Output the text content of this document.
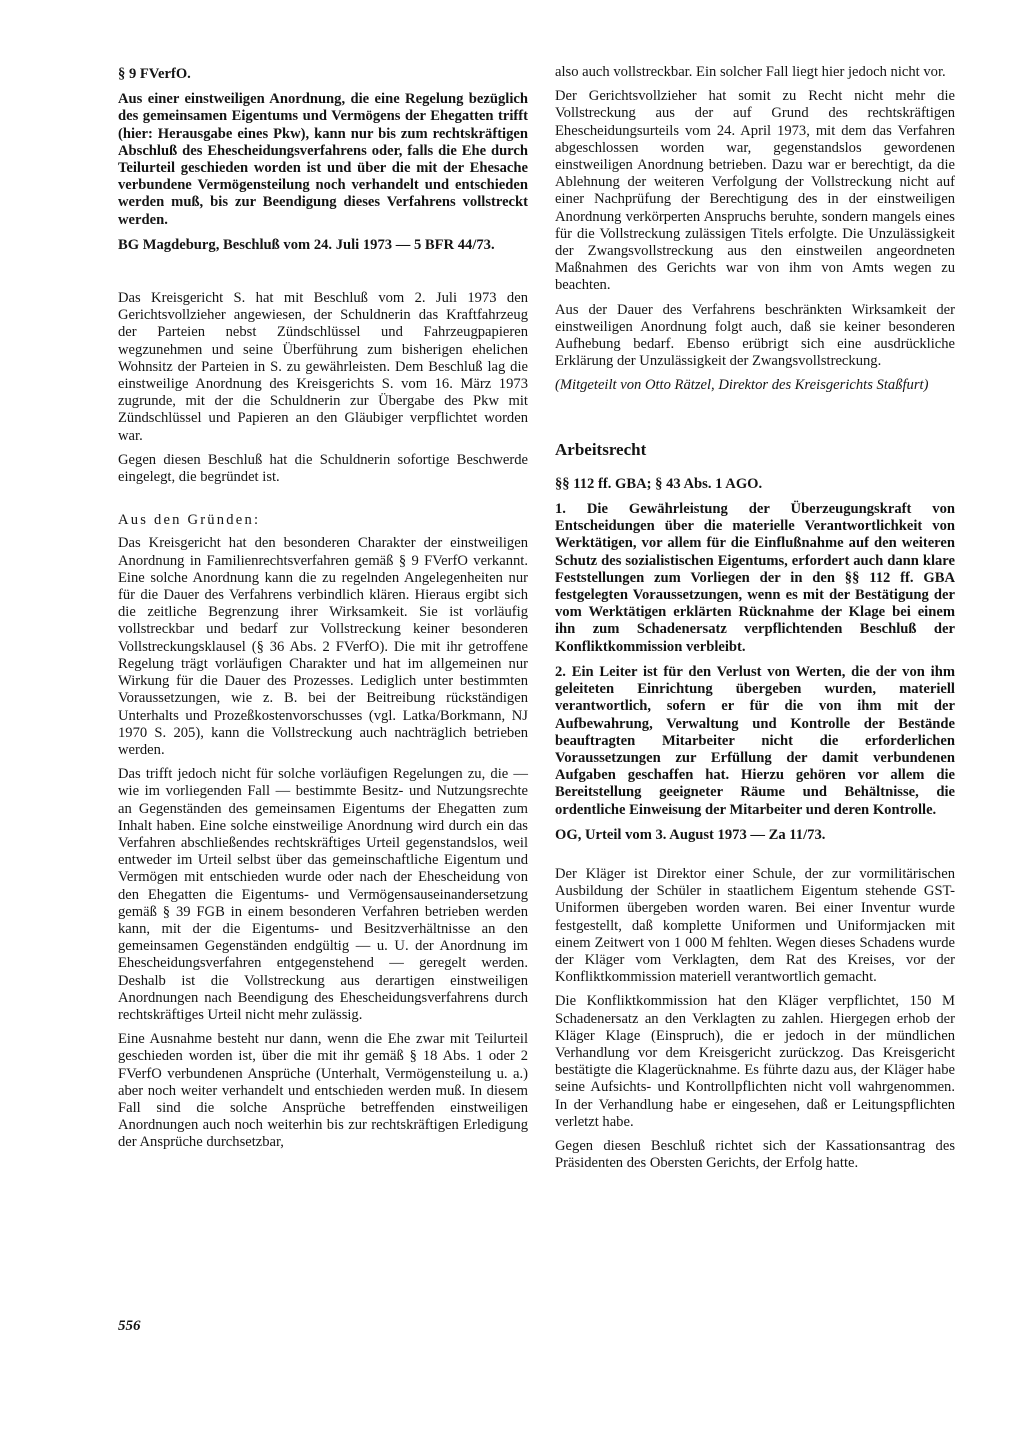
§ 9 FVerfO.

Aus einer einstweiligen Anordnung, die eine Regelung bezüglich des gemeinsamen Eigentums und Vermögens der Ehegatten trifft (hier: Herausgabe eines Pkw), kann nur bis zum rechtskräftigen Abschluß des Ehescheidungsverfahrens oder, falls die Ehe durch Teilurteil geschieden worden ist und über die mit der Ehesache verbundene Vermögensteilung noch verhandelt und entschieden werden muß, bis zur Beendigung dieses Verfahrens vollstreckt werden.

BG Magdeburg, Beschluß vom 24. Juli 1973 — 5 BFR 44/73.

Das Kreisgericht S. hat mit Beschluß vom 2. Juli 1973 den Gerichtsvollzieher angewiesen, der Schuldnerin das Kraftfahrzeug der Parteien nebst Zündschlüssel und Fahrzeugpapieren wegzunehmen und seine Überführung zum bisherigen ehelichen Wohnsitz der Parteien in S. zu gewährleisten. Dem Beschluß lag die einstweilige Anordnung des Kreisgerichts S. vom 16. März 1973 zugrunde, mit der die Schuldnerin zur Übergabe des Pkw mit Zündschlüssel und Papieren an den Gläubiger verpflichtet worden war.

Gegen diesen Beschluß hat die Schuldnerin sofortige Beschwerde eingelegt, die begründet ist.

Aus den Gründen:

Das Kreisgericht hat den besonderen Charakter der einstweiligen Anordnung in Familienrechtsverfahren gemäß § 9 FVerfO verkannt. Eine solche Anordnung kann die zu regelnden Angelegenheiten nur für die Dauer des Verfahrens verbindlich klären. Hieraus ergibt sich die zeitliche Begrenzung ihrer Wirksamkeit. Sie ist vorläufig vollstreckbar und bedarf zur Vollstreckung keiner besonderen Vollstreckungsklausel (§ 36 Abs. 2 FVerfO). Die mit ihr getroffene Regelung trägt vorläufigen Charakter und hat im allgemeinen nur Wirkung für die Dauer des Prozesses. Lediglich unter bestimmten Voraussetzungen, wie z. B. bei der Beitreibung rückständigen Unterhalts und Prozeßkostenvorschusses (vgl. Latka/Borkmann, NJ 1970 S. 205), kann die Vollstreckung auch nachträglich betrieben werden.

Das trifft jedoch nicht für solche vorläufigen Regelungen zu, die — wie im vorliegenden Fall — bestimmte Besitz- und Nutzungsrechte an Gegenständen des gemeinsamen Eigentums der Ehegatten zum Inhalt haben. Eine solche einstweilige Anordnung wird durch ein das Verfahren abschließendes rechtskräftiges Urteil gegenstandslos, weil entweder im Urteil selbst über das gemeinschaftliche Eigentum und Vermögen mit entschieden wurde oder nach der Ehescheidung von den Ehegatten die Eigentums- und Vermögensauseinandersetzung gemäß § 39 FGB in einem besonderen Verfahren betrieben werden kann, mit der die Eigentums- und Besitzverhältnisse an den gemeinsamen Gegenständen endgültig — u. U. der Anordnung im Ehescheidungsverfahren entgegenstehend — geregelt werden. Deshalb ist die Vollstreckung aus derartigen einstweiligen Anordnungen nach Beendigung des Ehescheidungsverfahrens durch rechtskräftiges Urteil nicht mehr zulässig.

Eine Ausnahme besteht nur dann, wenn die Ehe zwar mit Teilurteil geschieden worden ist, über die mit ihr gemäß § 18 Abs. 1 oder 2 FVerfO verbundenen Ansprüche (Unterhalt, Vermögensteilung u. a.) aber noch weiter verhandelt und entschieden werden muß. In diesem Fall sind die solche Ansprüche betreffenden einstweiligen Anordnungen auch noch weiterhin bis zur rechtskräftigen Erledigung der Ansprüche durchsetzbar,

also auch vollstreckbar. Ein solcher Fall liegt hier jedoch nicht vor.

Der Gerichtsvollzieher hat somit zu Recht nicht mehr die Vollstreckung aus der auf Grund des rechtskräftigen Ehescheidungsurteils vom 24. April 1973, mit dem das Verfahren abgeschlossen worden war, gegenstandslos gewordenen einstweiligen Anordnung betrieben. Dazu war er berechtigt, da die Ablehnung der weiteren Verfolgung der Vollstreckung nicht auf einer Nachprüfung der Berechtigung des in der einstweiligen Anordnung verkörperten Anspruchs beruhte, sondern mangels eines für die Vollstreckung zulässigen Titels erfolgte. Die Unzulässigkeit der Zwangsvollstreckung aus den einstweilen angeordneten Maßnahmen des Gerichts war von ihm von Amts wegen zu beachten.

Aus der Dauer des Verfahrens beschränkten Wirksamkeit der einstweiligen Anordnung folgt auch, daß sie keiner besonderen Aufhebung bedarf. Ebenso erübrigt sich eine ausdrückliche Erklärung der Unzulässigkeit der Zwangsvollstreckung.

(Mitgeteilt von Otto Rätzel, Direktor des Kreisgerichts Staßfurt)

Arbeitsrecht

§§ 112 ff. GBA; § 43 Abs. 1 AGO.

1. Die Gewährleistung der Überzeugungskraft von Entscheidungen über die materielle Verantwortlichkeit von Werktätigen, vor allem für die Einflußnahme auf den weiteren Schutz des sozialistischen Eigentums, erfordert auch dann klare Feststellungen zum Vorliegen der in den §§ 112 ff. GBA festgelegten Voraussetzungen, wenn es mit der Bestätigung der vom Werktätigen erklärten Rücknahme der Klage bei einem ihn zum Schadenersatz verpflichtenden Beschluß der Konfliktkommission verbleibt.

2. Ein Leiter ist für den Verlust von Werten, die der von ihm geleiteten Einrichtung übergeben wurden, materiell verantwortlich, sofern er für die von ihm mit der Aufbewahrung, Verwaltung und Kontrolle der Bestände beauftragten Mitarbeiter nicht die erforderlichen Voraussetzungen zur Erfüllung der damit verbundenen Aufgaben geschaffen hat. Hierzu gehören vor allem die Bereitstellung geeigneter Räume und Behältnisse, die ordentliche Einweisung der Mitarbeiter und deren Kontrolle.

OG, Urteil vom 3. August 1973 — Za 11/73.

Der Kläger ist Direktor einer Schule, der zur vormilitärischen Ausbildung der Schüler in staatlichem Eigentum stehende GST-Uniformen übergeben worden waren. Bei einer Inventur wurde festgestellt, daß komplette Uniformen und Uniformjacken mit einem Zeitwert von 1 000 M fehlten. Wegen dieses Schadens wurde der Kläger vom Verklagten, dem Rat des Kreises, vor der Konfliktkommission materiell verantwortlich gemacht.

Die Konfliktkommission hat den Kläger verpflichtet, 150 M Schadenersatz an den Verklagten zu zahlen. Hiergegen erhob der Kläger Klage (Einspruch), die er jedoch in der mündlichen Verhandlung vor dem Kreisgericht zurückzog. Das Kreisgericht bestätigte die Klagerücknahme. Es führte dazu aus, der Kläger habe seine Aufsichts- und Kontrollpflichten nicht voll wahrgenommen. In der Verhandlung habe er eingesehen, daß er Leitungspflichten verletzt habe.

Gegen diesen Beschluß richtet sich der Kassationsantrag des Präsidenten des Obersten Gerichts, der Erfolg hatte.

556
